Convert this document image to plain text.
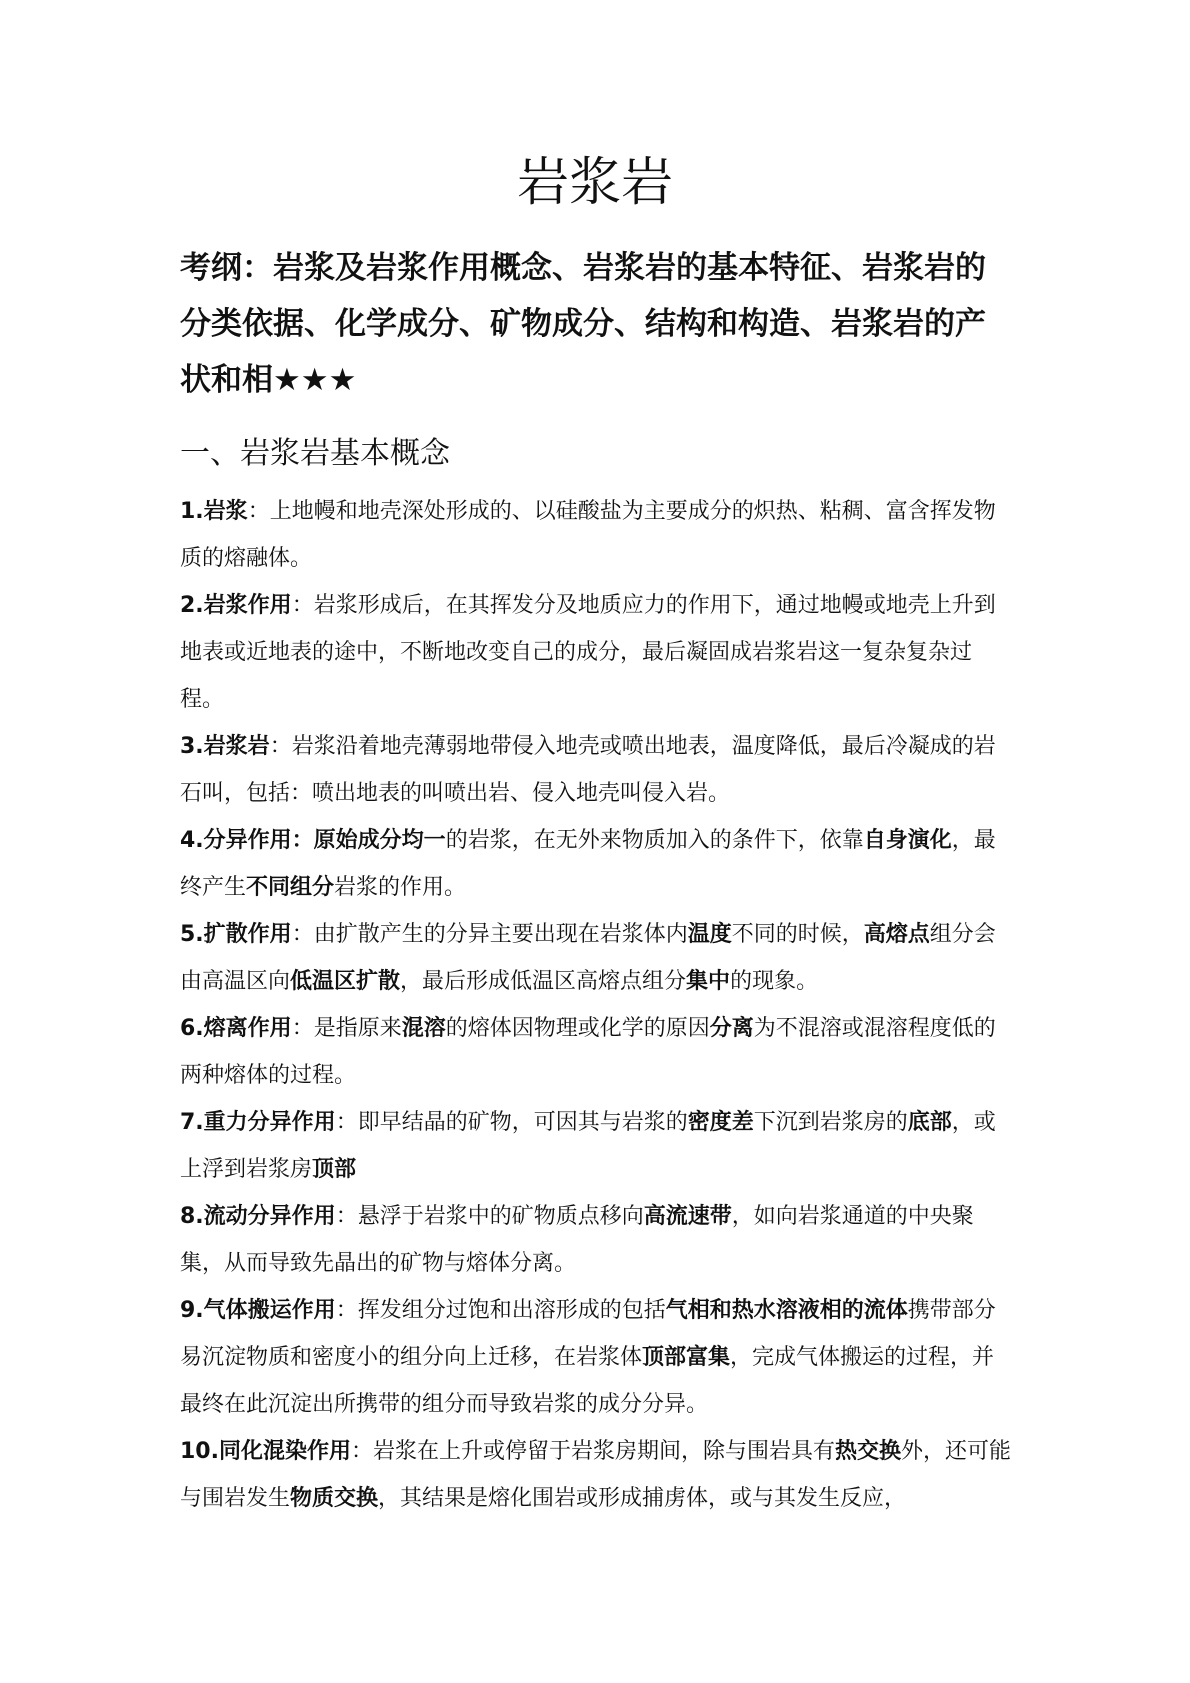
岩浆岩

考纲：岩浆及岩浆作用概念、岩浆岩的基本特征、岩浆岩的分类依据、化学成分、矿物成分、结构和构造、岩浆岩的产状和相★★★

一、岩浆岩基本概念

1.岩浆：上地幔和地壳深处形成的、以硅酸盐为主要成分的炽热、粘稠、富含挥发物质的熔融体。

2.岩浆作用：岩浆形成后，在其挥发分及地质应力的作用下，通过地幔或地壳上升到地表或近地表的途中，不断地改变自己的成分，最后凝固成岩浆岩这一复杂复杂过程。

3.岩浆岩：岩浆沿着地壳薄弱地带侵入地壳或喷出地表，温度降低，最后冷凝成的岩石叫，包括：喷出地表的叫喷出岩、侵入地壳叫侵入岩。

4.分异作用：原始成分均一的岩浆，在无外来物质加入的条件下，依靠自身演化，最终产生不同组分岩浆的作用。

5.扩散作用：由扩散产生的分异主要出现在岩浆体内温度不同的时候，高熔点组分会由高温区向低温区扩散，最后形成低温区高熔点组分集中的现象。

6.熔离作用：是指原来混溶的熔体因物理或化学的原因分离为不混溶或混溶程度低的两种熔体的过程。

7.重力分异作用：即早结晶的矿物，可因其与岩浆的密度差下沉到岩浆房的底部，或上浮到岩浆房顶部

8.流动分异作用：悬浮于岩浆中的矿物质点移向高流速带，如向岩浆通道的中央聚集，从而导致先晶出的矿物与熔体分离。

9.气体搬运作用：挥发组分过饱和出溶形成的包括气相和热水溶液相的流体携带部分易沉淀物质和密度小的组分向上迁移，在岩浆体顶部富集，完成气体搬运的过程，并最终在此沉淀出所携带的组分而导致岩浆的成分分异。

10.同化混染作用：岩浆在上升或停留于岩浆房期间，除与围岩具有热交换外，还可能与围岩发生物质交换，其结果是熔化围岩或形成捕虏体，或与其发生反应，
